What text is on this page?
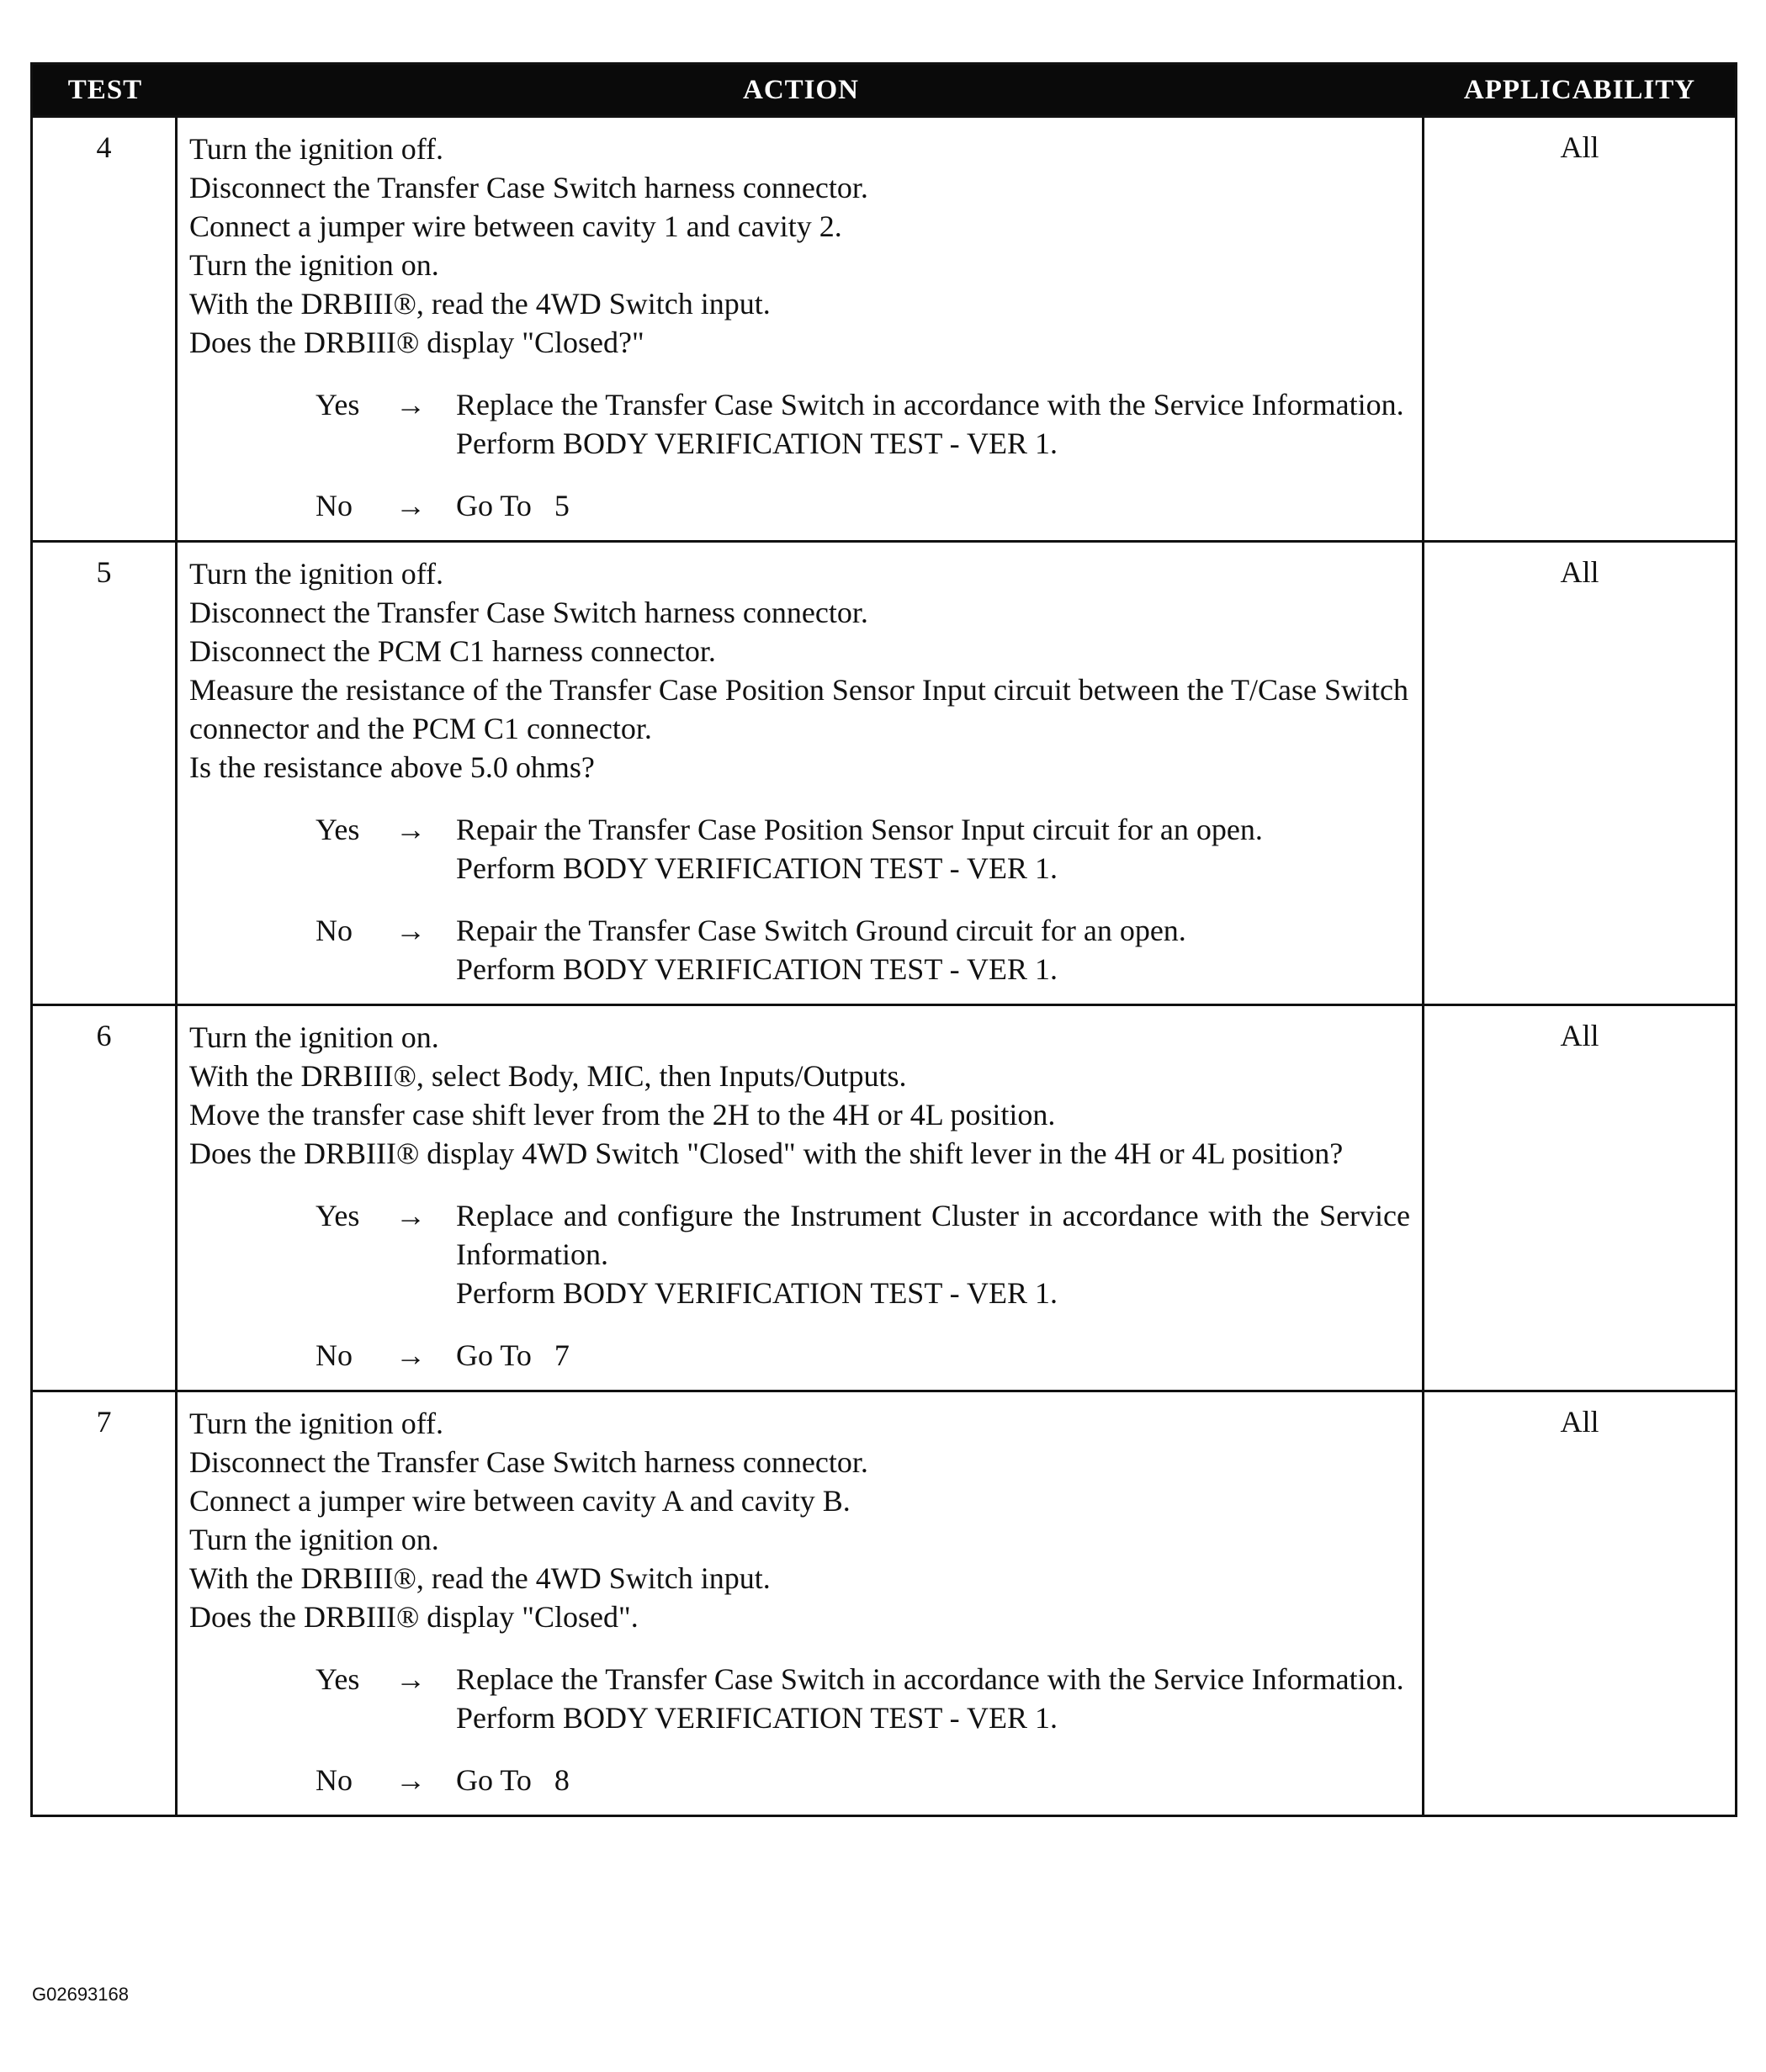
TEST	ACTION	APPLICABILITY
4	Turn the ignition off.
Disconnect the Transfer Case Switch harness connector.
Connect a jumper wire between cavity 1 and cavity 2.
Turn the ignition on.
With the DRBIII®, read the 4WD Switch input.
Does the DRBIII® display "Closed?"
Yes	→	Replace the Transfer Case Switch in accordance with the Service Information.
Perform BODY VERIFICATION TEST - VER 1.
No	→	Go To   5
All
5	Turn the ignition off.
Disconnect the Transfer Case Switch harness connector.
Disconnect the PCM C1 harness connector.
Measure the resistance of the Transfer Case Position Sensor Input circuit between the T/Case Switch connector and the PCM C1 connector.
Is the resistance above 5.0 ohms?
Yes	→	Repair the Transfer Case Position Sensor Input circuit for an open.
Perform BODY VERIFICATION TEST - VER 1.
No	→	Repair the Transfer Case Switch Ground circuit for an open.
Perform BODY VERIFICATION TEST - VER 1.
All
6	Turn the ignition on.
With the DRBIII®, select Body, MIC, then Inputs/Outputs.
Move the transfer case shift lever from the 2H to the 4H or 4L position.
Does the DRBIII® display 4WD Switch "Closed" with the shift lever in the 4H or 4L position?
Yes	→	Replace and configure the Instrument Cluster in accordance with the Service Information.
Perform BODY VERIFICATION TEST - VER 1.
No	→	Go To   7
All
7	Turn the ignition off.
Disconnect the Transfer Case Switch harness connector.
Connect a jumper wire between cavity A and cavity B.
Turn the ignition on.
With the DRBIII®, read the 4WD Switch input.
Does the DRBIII® display "Closed".
Yes	→	Replace the Transfer Case Switch in accordance with the Service Information.
Perform BODY VERIFICATION TEST - VER 1.
No	→	Go To   8
All
G02693168
